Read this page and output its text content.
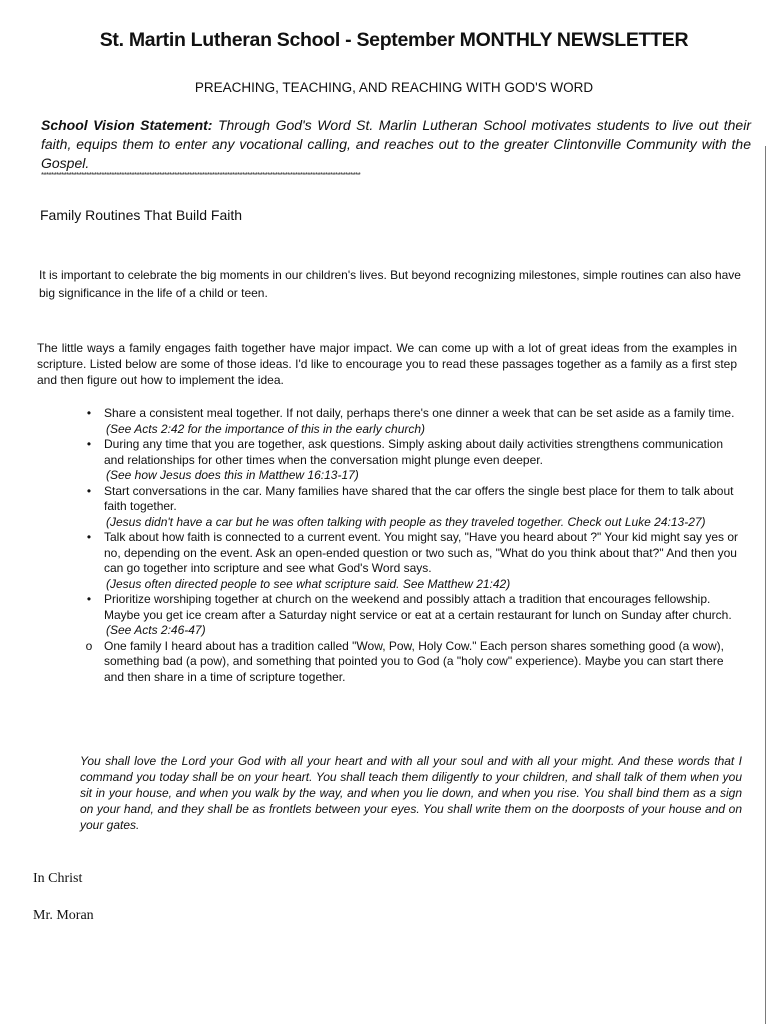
St. Martin Lutheran School - September MONTHLY NEWSLETTER
PREACHING, TEACHING, AND REACHING WITH GOD'S WORD
School Vision Statement: Through God's Word St. Marlin Lutheran School motivates students to live out their faith, equips them to enter any vocational calling, and reaches out to the greater Clintonville Community with the Gospel.
*******************************************************************************************************************************
Family Routines That Build Faith
It is important to celebrate the big moments in our children's lives. But beyond recognizing milestones, simple routines can also have big significance in the life of a child or teen.
The little ways a family engages faith together have major impact. We can come up with a lot of great ideas from the examples in scripture. Listed below are some of those ideas. I'd like to encourage you to read these passages together as a family as a first step and then figure out how to implement the idea.
•	Share a consistent meal together. If not daily, perhaps there's one dinner a week that can be set aside as a family time.
(See Acts 2:42 for the importance of this in the early church)
•	During any time that you are together, ask questions. Simply asking about daily activities strengthens communication and relationships for other times when the conversation might plunge even deeper.
(See how Jesus does this in Matthew 16:13-17)
•	Start conversations in the car. Many families have shared that the car offers the single best place for them to talk about faith together.
(Jesus didn't have a car but he was often talking with people as they traveled together. Check out Luke 24:13-27)
•	Talk about how faith is connected to a current event. You might say, "Have you heard about ?" Your kid might say yes or no, depending on the event. Ask an open-ended question or two such as, "What do you think about that?" And then you can go together into scripture and see what God's Word says.
(Jesus often directed people to see what scripture said. See Matthew 21:42)
•	Prioritize worshiping together at church on the weekend and possibly attach a tradition that encourages fellowship. Maybe you get ice cream after a Saturday night service or eat at a certain restaurant for lunch on Sunday after church.
(See Acts 2:46-47)
o One family I heard about has a tradition called "Wow, Pow, Holy Cow." Each person shares something good (a wow), something bad (a pow), and something that pointed you to God (a "holy cow" experience). Maybe you can start there and then share in a time of scripture together.
You shall love the Lord your God with all your heart and with all your soul and with all your might. And these words that I command you today shall be on your heart. You shall teach them diligently to your children, and shall talk of them when you sit in your house, and when you walk by the way, and when you lie down, and when you rise. You shall bind them as a sign on your hand, and they shall be as frontlets between your eyes. You shall write them on the doorposts of your house and on your gates.
In Christ
Mr. Moran
